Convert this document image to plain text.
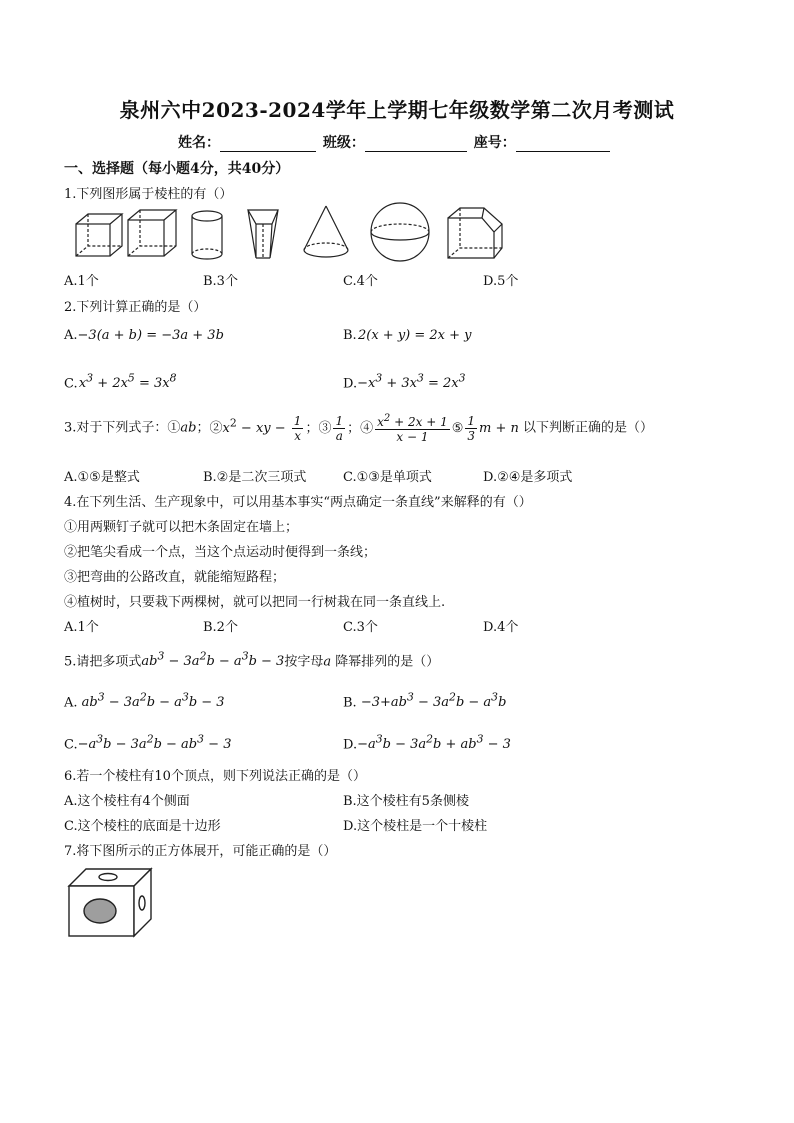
泉州六中2023-2024学年上学期七年级数学第二次月考测试
姓名：	班级：	座号：
一、选择题（每小题4分，共40分）
1.下列图形属于棱柱的有（）
A.1个	B.3个	C.4个	D.5个
2.下列计算正确的是（）
A.−3(a + b) = −3a + 3b	B. 2(x + y) = 2x + y
C. $x^3 + 2x^5 = 3x^8$	$D.-x^3 + 3x^3 = 2x^3$
3.对于下列式子：①ab；$②x^2$ − xy − $\frac{1}{x}$ ；③ $\frac{1}{a}$ ；④ $\frac{x^2 + 2x + 1}{x - 1}$ ⑤ $\frac{1}{3}$ m + n 以下判断正确的是（）
A.①⑤是整式	B.②是二次三项式	C.①③是单项式	D.②④是多项式
4.在下列生活、生产现象中，可以用基本事实“两点确定一条直线”来解释的有（）
①用两颗钉子就可以把木条固定在墙上；
②把笔尖看成一个点，当这个点运动时便得到一条线；
③把弯曲的公路改直，就能缩短路程；
④植树时，只要栽下两棵树，就可以把同一行树栽在同一条直线上.
A.1个	B.2个	C.3个	D.4个
5.请把多项式$ab^3 - 3a^2b - a^3b - 3$按字母a 降幂排列的是（）
A. $ab^3 - 3a^2b - a^3b - 3$	B. $-3+ab^3 - 3a^2b - a^3b$
$C.-a^3b - 3a^2b - ab^3 - 3$	$D.-a^3b - 3a^2b + ab^3 - 3$
6.若一个棱柱有10个顶点，则下列说法正确的是（）
A.这个棱柱有4个侧面	B.这个棱柱有5条侧棱
C.这个棱柱的底面是十边形	D.这个棱柱是一个十棱柱
7.将下图所示的正方体展开，可能正确的是（）
